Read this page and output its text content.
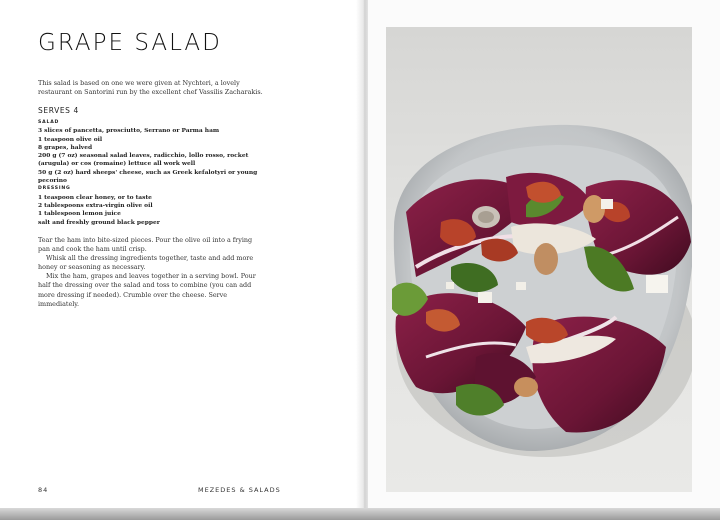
GRAPE SALAD
This salad is based on one we were given at Nychteri, a lovely restaurant on Santorini run by the excellent chef Vassilis Zacharakis.
SERVES 4
SALAD
3 slices of pancetta, prosciutto, Serrano or Parma ham
1 teaspoon olive oil
8 grapes, halved
200 g (7 oz) seasonal salad leaves, radicchio, lollo rosso, rocket (arugula) or cos (romaine) lettuce all work well
50 g (2 oz) hard sheeps' cheese, such as Greek kefalotyri or young pecorino
DRESSING
1 teaspoon clear honey, or to taste
2 tablespoons extra-virgin olive oil
1 tablespoon lemon juice
salt and freshly ground black pepper

Tear the ham into bite-sized pieces. Pour the olive oil into a frying pan and cook the ham until crisp.

Whisk all the dressing ingredients together, taste and add more honey or seasoning as necessary.

Mix the ham, grapes and leaves together in a serving bowl. Pour half the dressing over the salad and toss to combine (you can add more dressing if needed). Crumble over the cheese. Serve immediately.

84	MEZEDES & SALADS
